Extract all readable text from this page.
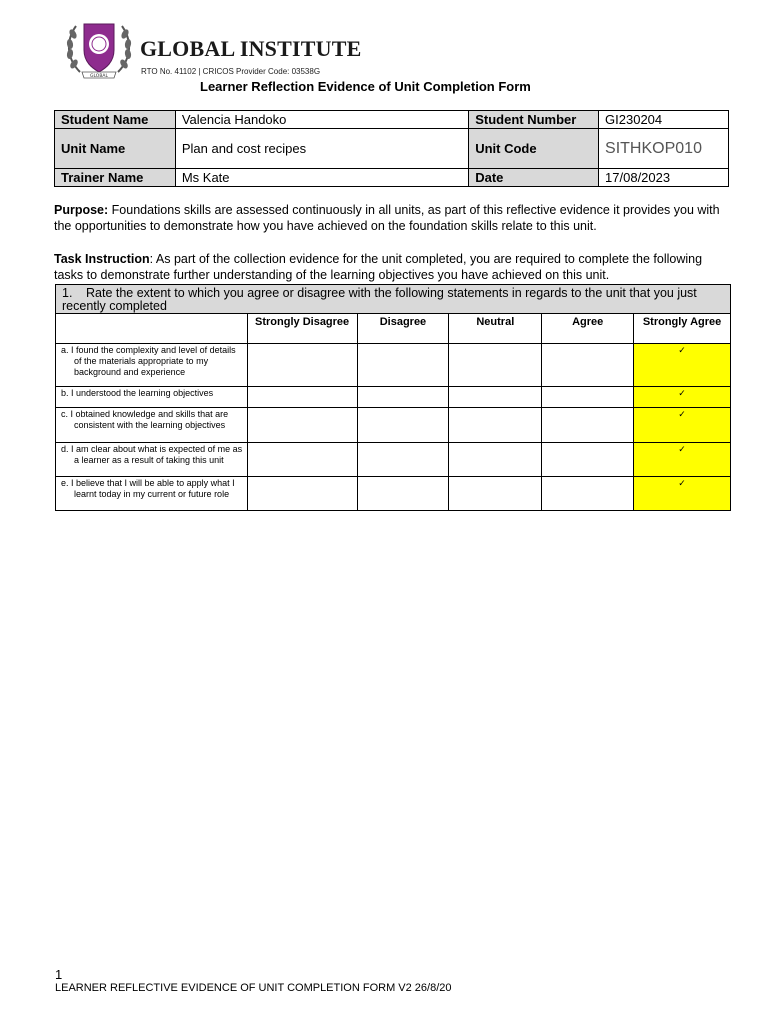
GLOBAL
GLOBAL INSTITUTE
RTO No. 41102 | CRICOS Provider Code: 03538G
Learner Reflection Evidence of Unit Completion Form
Student Name	Valencia Handoko	Student Number	GI230204
Unit Name	Plan and cost recipes	Unit Code	SITHKOP010
Trainer Name	Ms Kate	Date	17/08/2023
Purpose: Foundations skills are assessed continuously in all units, as part of this reflective evidence it provides you with the opportunities to demonstrate how you have achieved on the foundation skills relate to this unit.
Task Instruction: As part of the collection evidence for the unit completed, you are required to complete the following tasks to demonstrate further understanding of the learning objectives you have achieved on this unit.
1. Rate the extent to which you agree or disagree with the following statements in regards to the unit that you just recently completed					
	Strongly Disagree	Disagree	Neutral	Agree	Strongly Agree

a. I found the complexity and level of details of the materials appropriate to my background and experience					✓

b. I understood the learning objectives					✓

c. I obtained knowledge and skills that are consistent with the learning objectives					✓

d. I am clear about what is expected of me as a learner as a result of taking this unit					✓

e. I believe that I will be able to apply what I learnt today in my current or future role					✓
1
LEARNER REFLECTIVE EVIDENCE OF UNIT COMPLETION FORM V2 26/8/20
